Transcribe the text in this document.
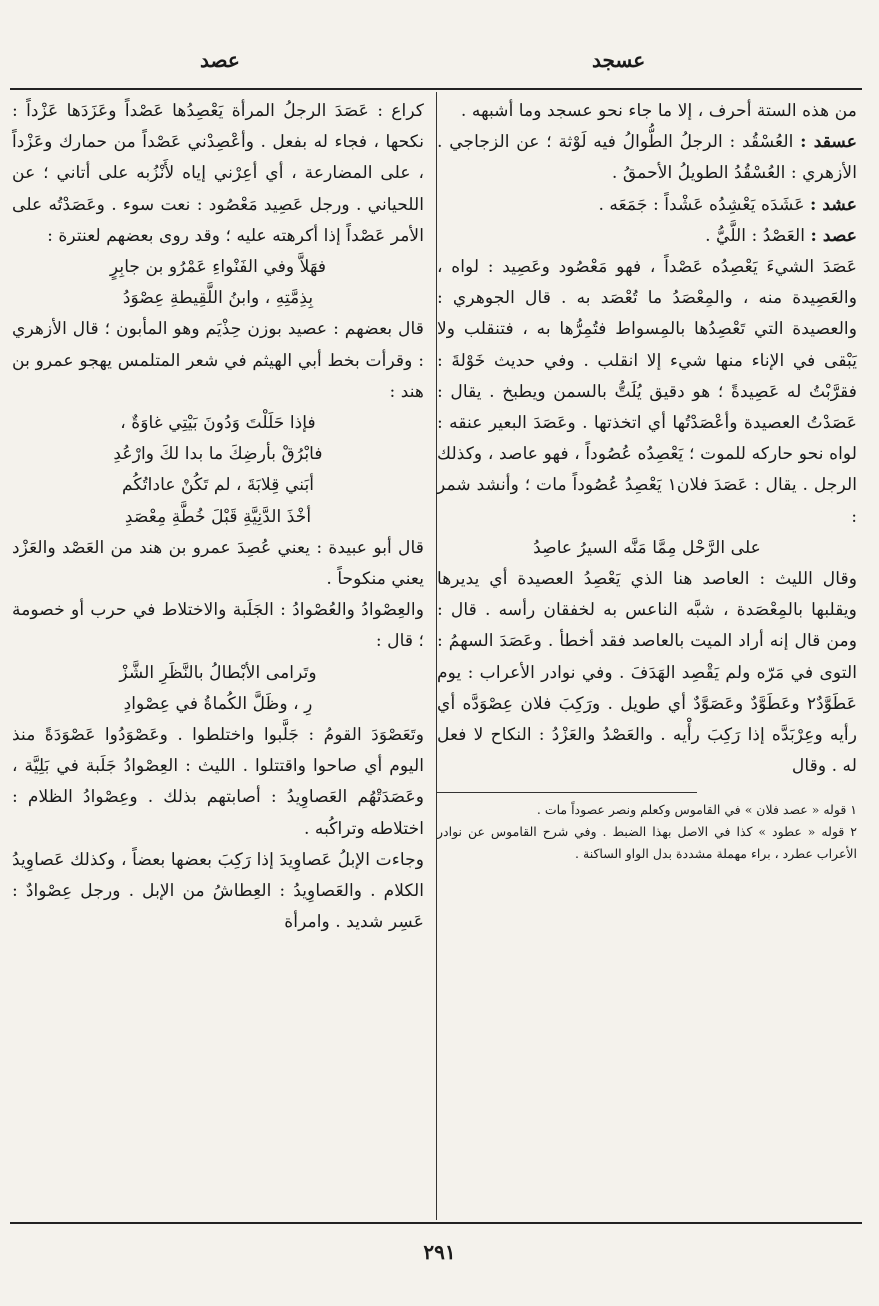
عسجد
عصد

من هذه الستة أحرف ، إلا ما جاء نحو عسجد وما أشبهه .

عسقد : العُسْقُد : الرجلُ الطُّوالُ فيه لَوْثة ؛ عن الزجاجي . الأزهري : العُسْقُدُ الطويلُ الأحمقُ .

عشد : عَشَدَه يَعْشِدُه عَشْداً : جَمَعَه .

عصد : العَصْدُ : اللَّيُّ .

عَصَدَ الشيءَ يَعْصِدُه عَصْداً ، فهو مَعْصُود وعَصِيد : لواه ، والعَصِيدة منه ، والمِعْصَدُ ما تُعْصَد به . قال الجوهري : والعصيدة التي تَعْصِدُها بالمِسواط فتُمِرُّها به ، فتنقلب ولا يَبْقى في الإناء منها شيء إلا انقلب . وفي حديث خَوْلةَ : فقرَّبْتُ له عَصِيدةً ؛ هو دقيق يُلَتُّ بالسمن ويطبخ . يقال : عَصَدْتُ العصيدة وأعْصَدْتُها أي اتخذتها . وعَصَدَ البعير عنقه : لواه نحو حاركه للموت ؛ يَعْصِدُه عُصُوداً ، فهو عاصد ، وكذلك الرجل . يقال : عَصَدَ فلان١ يَعْصِدُ عُصُوداً مات ؛ وأنشد شمر :

على الرَّحْل مِمَّا مَنَّه السيرُ عاصِدُ

وقال الليث : العاصد هنا الذي يَعْصِدُ العصيدة أي يديرها ويقلبها بالمِعْصَدة ، شبَّه الناعس به لخفقان رأسه . قال : ومن قال إنه أراد الميت بالعاصد فقد أخطأ . وعَصَدَ السهمُ : التوى في مَرّه ولم يَقْصِد الهَدَفَ . وفي نوادر الأعراب : يوم عَطَوَّدٌ٢ وعَطَوَّدٌ وعَصَوَّدٌ أي طويل . ورَكِبَ فلان عِصْوَدَّه أي رأيه وعِرْبَدَّه إذا رَكِبَ رأْيه . والعَصْدُ والعَزْدُ : النكاح لا فعل له . وقال

١ قوله « عصد فلان » في القاموس وكعلم ونصر عصوداً مات .

٢ قوله « عطود » كذا في الاصل بهذا الضبط . وفي شرح القاموس عن نوادر الأعراب عطرد ، براء مهملة مشددة بدل الواو الساكنة .

كراع : عَصَدَ الرجلُ المرأة يَعْصِدُها عَصْداً وعَزَدَها عَزْداً : نكحها ، فجاء له بفعل . وأعْصِدْني عَصْداً من حمارك وعَزْداً ، على المضارعة ، أي أعِرْني إياه لأَنْزُبه على أتاني ؛ عن اللحياني . ورجل عَصِيد مَعْصُود : نعت سوء . وعَصَدْتُه على الأمر عَصْداً إذا أكرهته عليه ؛ وقد روى بعضهم لعنترة :

فهَلاَّ وفي الفَنْواءِ عَمْرُو بن جابِرٍ
بِذِمَّتِهِ ، وابنُ اللَّقِيطةِ عِصْوَدُ

قال بعضهم : عصيد بوزن حِذْيَم وهو المأبون ؛ قال الأزهري : وقرأت بخط أبي الهيثم في شعر المتلمس يهجو عمرو بن هند :

فإذا حَلَلْتَ وَدُونَ بَيْتِي غاوَةٌ ،
فابْرُقْ بأرضِكَ ما بدا لكَ وارْعُدِ
أبَني قِلابَةَ ، لم تَكُنْ عاداتُكُم
أخْذَ الدَّنِيَّةِ قَبْلَ خُطَّةِ مِعْصَدِ

قال أبو عبيدة : يعني عُصِدَ عمرو بن هند من العَصْد والعَزْد يعني منكوحاً .

والعِصْوادُ والعُصْوادُ : الجَلَبة والاختلاط في حرب أو خصومة ؛ قال :

وتَرامى الأبْطالُ بالنَّظَرِ الشَّزْ
رِ ، وظَلَّ الكُماةُ في عِصْوادِ

وتَعَصْوَدَ القومُ : جَلَّبوا واختلطوا . وعَصْوَدُوا عَصْوَدَةً منذ اليوم أي صاحوا واقتتلوا . الليث : العِصْوادُ جَلَبة في بَلِيَّة ، وعَصَدَتْهُم العَصاوِيدُ : أصابتهم بذلك . وعِصْوادُ الظلام : اختلاطه وتراكُبه .

وجاءت الإبلُ عَصاوِيدَ إذا رَكِبَ بعضها بعضاً ، وكذلك عَصاوِيدُ الكلام . والعَصاوِيدُ : العِطاشُ من الإبل . ورجل عِصْوادٌ : عَسِر شديد . وامرأة

٢٩١
